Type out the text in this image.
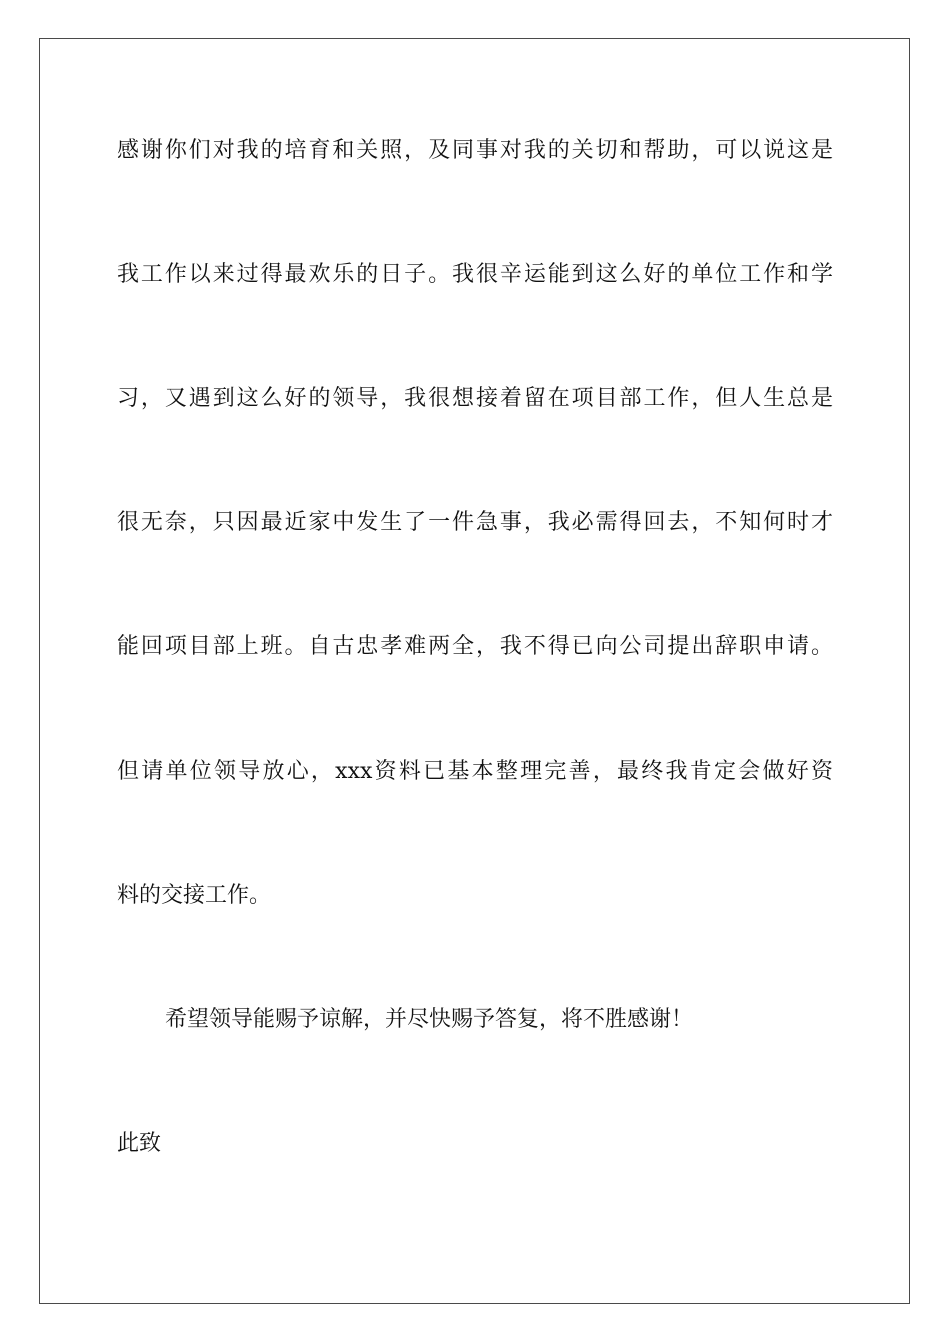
感谢你们对我的培育和关照，及同事对我的关切和帮助，可以说这是
我工作以来过得最欢乐的日子。我很辛运能到这么好的单位工作和学
习，又遇到这么好的领导，我很想接着留在项目部工作，但人生总是
很无奈，只因最近家中发生了一件急事，我必需得回去，不知何时才
能回项目部上班。自古忠孝难两全，我不得已向公司提出辞职申请。
但请单位领导放心，xxx资料已基本整理完善，最终我肯定会做好资
料的交接工作。
希望领导能赐予谅解，并尽快赐予答复，将不胜感谢！
此致
